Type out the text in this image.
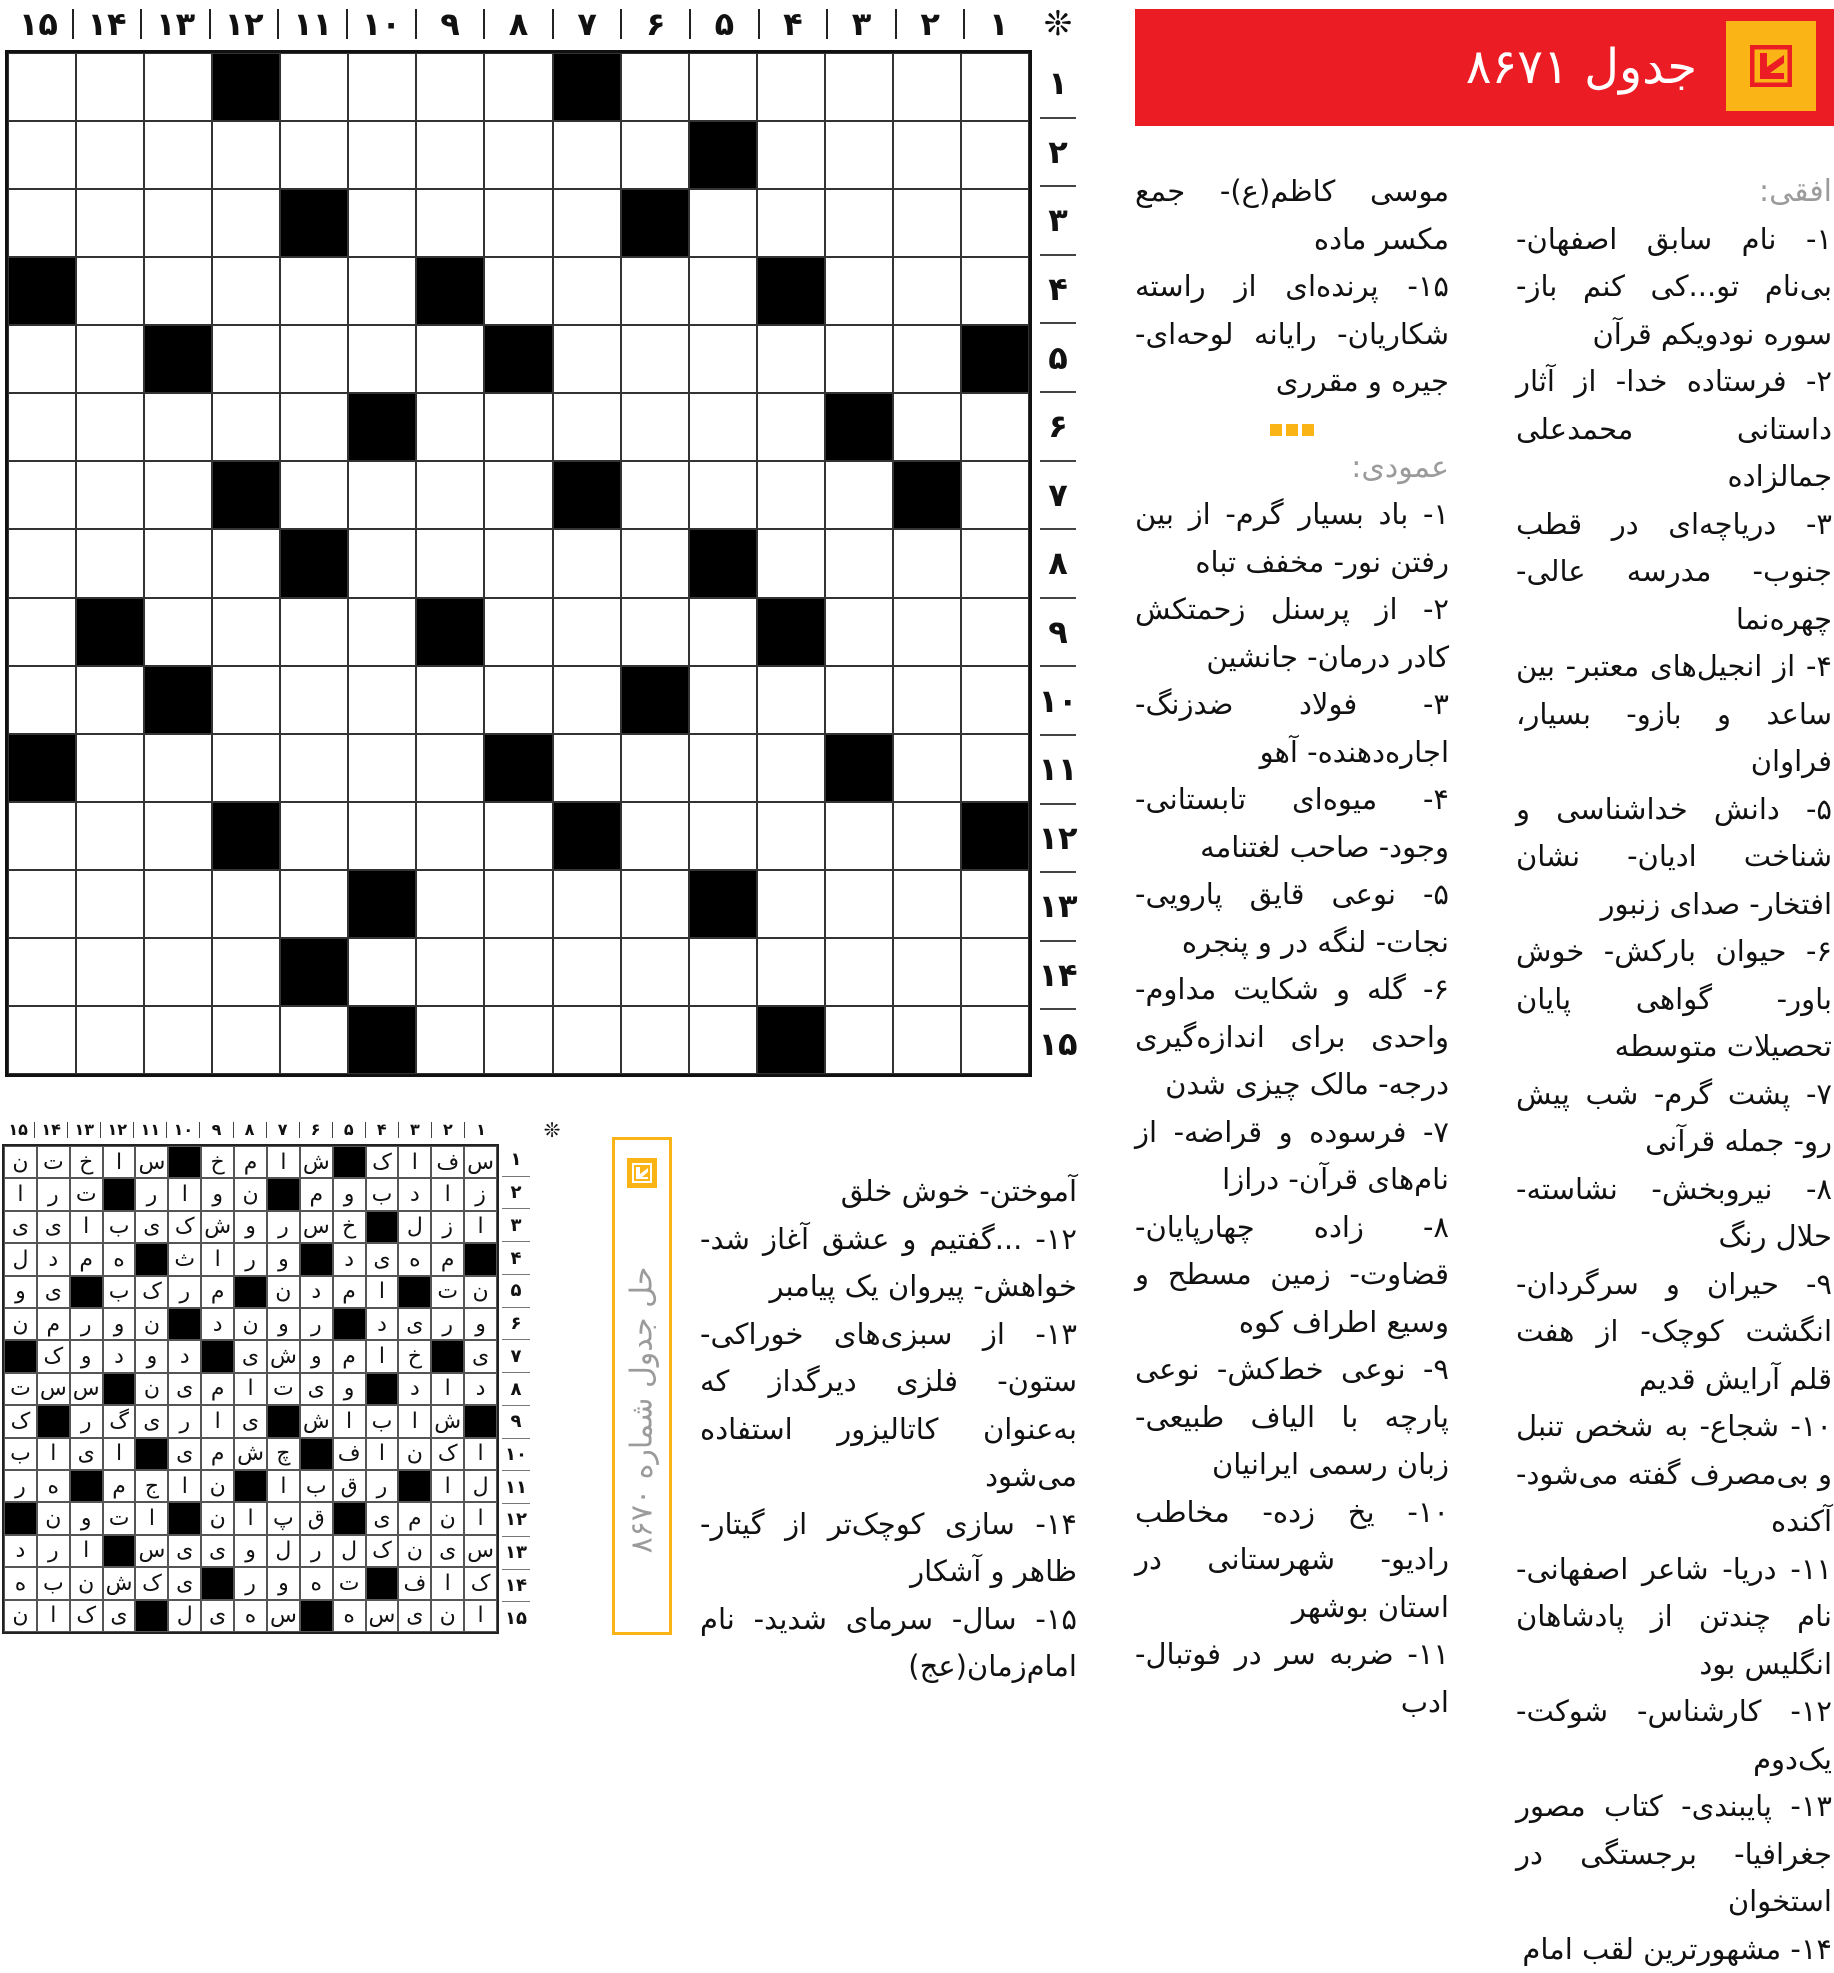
جدول ۸۶۷۱
۱
۲
۳
۴
۵
۶
۷
۸
۹
۱۰
۱۱
۱۲
۱۳
۱۴
۱۵	❊
۱
۲
۳
۴
۵
۶
۷
۸
۹
۱۰
۱۱
۱۲
۱۳
۱۴
۱۵

افقی:

۱- نام سابق اصفهان- بی‌نام تو...کی کنم باز- سوره نودویکم قرآن

۲- فرستاده خدا- از آثار داستانی محمدعلی جمالزاده

۳- دریاچه‌ای در قطب جنوب- مدرسه عالی- چهره‌نما

۴- از انجیل‌های معتبر- بین ساعد و بازو- بسیار، فراوان

۵- دانش خداشناسی و شناخت ادیان- نشان افتخار- صدای زنبور

۶- حیوان بارکش- خوش باور- گواهی پایان تحصیلات متوسطه

۷- پشت گرم- شب پیش رو- جمله قرآنی

۸- نیروبخش- نشاسته- حلال رنگ

۹- حیران و سرگردان- انگشت کوچک- از هفت قلم آرایش قدیم

۱۰- شجاع- به شخص تنبل و بی‌مصرف گفته می‌شود- آکنده

۱۱- دریا- شاعر اصفهانی- نام چندتن از پادشاهان انگلیس بود

۱۲- کارشناس- شوکت- یک‌دوم

۱۳- پایبندی- کتاب مصور جغرافیا- برجستگی در استخوان

۱۴- مشهورترین لقب امام

موسی کاظم(ع)- جمع مکسر ماده

۱۵- پرنده‌ای از راسته شکاریان- رایانه لوحه‌ای- جیره و مقرری

عمودی:

۱- باد بسیار گرم- از بین رفتن نور- مخفف تباه

۲- از پرسنل زحمتکش کادر درمان- جانشین

۳- فولاد ضدزنگ- اجاره‌دهنده- آهو

۴- میوه‌ای تابستانی- وجود- صاحب لغتنامه

۵- نوعی قایق پارویی- نجات- لنگه در و پنجره

۶- گله و شکایت مداوم- واحدی برای اندازه‌گیری درجه- مالک چیزی شدن

۷- فرسوده و قراضه- از نام‌های قرآن- درازا

۸- زاده چهارپایان- قضاوت- زمین مسطح و وسیع اطراف کوه

۹- نوعی خط‌کش- نوعی پارچه با الیاف طبیعی- زبان رسمی ایرانیان

۱۰- یخ زده- مخاطب رادیو- شهرستانی در استان بوشهر

۱۱- ضربه سر در فوتبال- ادب

آموختن- خوش خلق

۱۲- ...گفتیم و عشق آغاز شد- خواهش- پیروان یک پیامبر

۱۳- از سبزی‌های خوراکی- ستون- فلزی دیرگداز که به‌عنوان کاتالیزور استفاده می‌شود

۱۴- سازی کوچک‌تر از گیتار- ظاهر و آشکار

۱۵- سال- سرمای شدید- نام امام‌زمان(عج)

حل جدول شماره ۸۶۷۰
۱
۲
۳
۴
۵
۶
۷
۸
۹
۱۰
۱۱
۱۲
۱۳
۱۴
۱۵	❊
س
ف
ا
ک
ش
ا
م
خ
س
ا
خ
ت
ن
ز
ا
د
ب
و
م
ن
و
ا
ر
ت
ر
ا
ا
ز
ل
خ
س
ر
و
ش
ک
ی
ب
ا
ی
ی
م
ه
ی
د
و
ر
ا
ث
ه
م
د
ل
ن
ت
ا
م
د
ن
م
ر
ک
ب
ی
و
و
ر
ی
د
ر
و
ن
د
ن
و
ر
م
ن
ی
خ
ا
م
و
ش
ی
د
و
د
و
ک
د
ا
د
و
ی
ت
ا
م
ی
ن
س
س
ت
ش
ا
ب
ا
ش
ی
ا
ر
ی
گ
ر
ک
ا
ک
ن
ا
ف
چ
ش
م
ی
ا
ی
ا
ب
ل
ا
ر
ق
ب
ا
ن
ا
ج
م
ه
ر
ا
ن
م
ی
ق
پ
ا
ن
ا
ت
و
ن
س
ی
ن
ک
ل
ر
ل
و
ی
ی
س
ا
ر
د
ک
ا
ف
ت
ه
و
ر
ی
ک
ش
ن
ب
ه
ا
ن
ی
س
ه
س
ه
ی
ل
ی
ک
ا
ن
۱
۲
۳
۴
۵
۶
۷
۸
۹
۱۰
۱۱
۱۲
۱۳
۱۴
۱۵
